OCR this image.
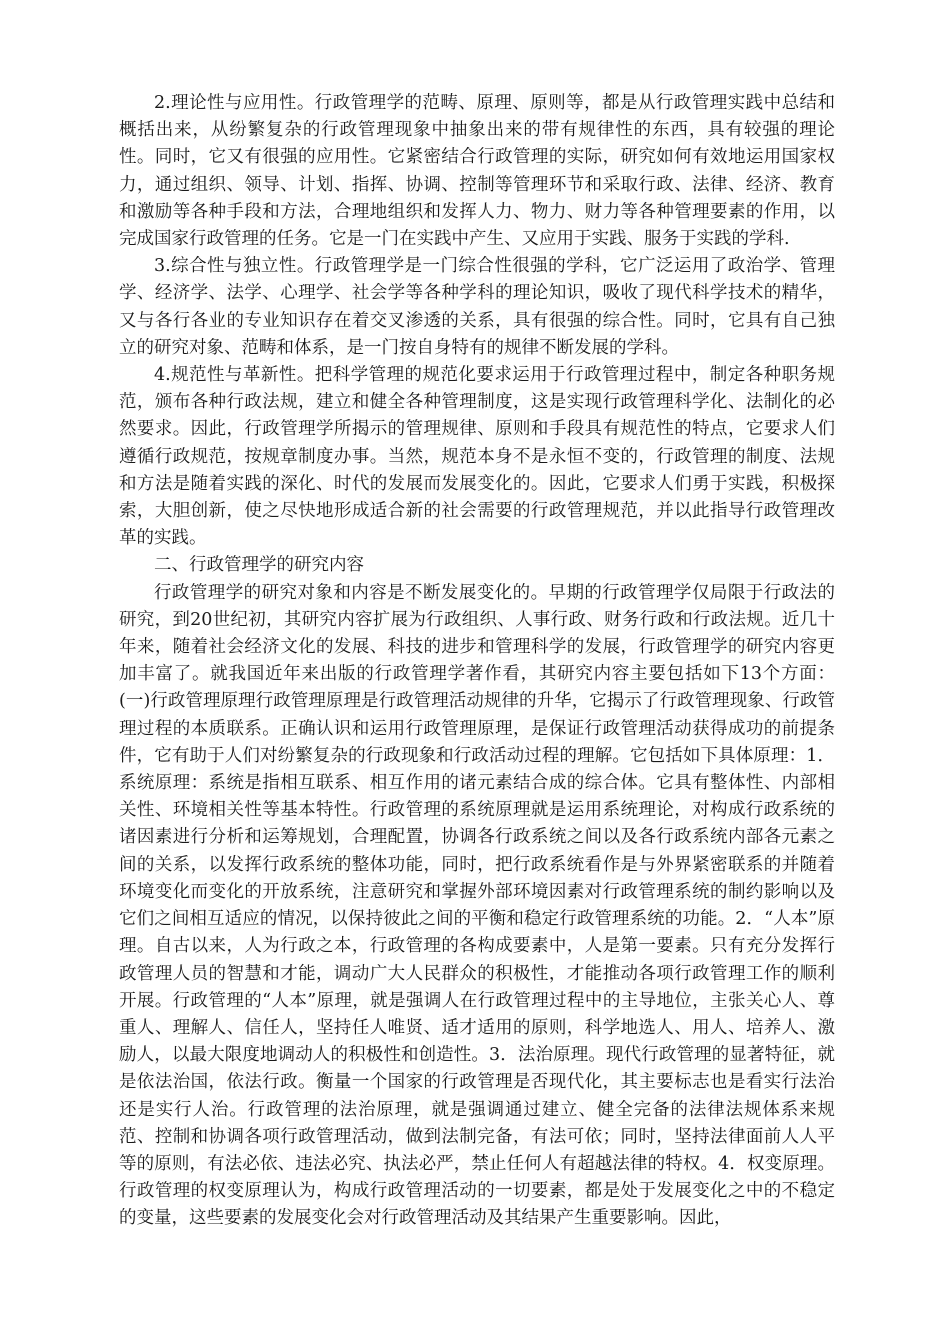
2.理论性与应用性。行政管理学的范畴、原理、原则等，都是从行政管理实践中总结和概括出来，从纷繁复杂的行政管理现象中抽象出来的带有规律性的东西，具有较强的理论性。同时，它又有很强的应用性。它紧密结合行政管理的实际，研究如何有效地运用国家权力，通过组织、领导、计划、指挥、协调、控制等管理环节和采取行政、法律、经济、教育和激励等各种手段和方法，合理地组织和发挥人力、物力、财力等各种管理要素的作用，以完成国家行政管理的任务。它是一门在实践中产生、又应用于实践、服务于实践的学科.

3.综合性与独立性。行政管理学是一门综合性很强的学科，它广泛运用了政治学、管理学、经济学、法学、心理学、社会学等各种学科的理论知识，吸收了现代科学技术的精华，又与各行各业的专业知识存在着交叉渗透的关系，具有很强的综合性。同时，它具有自己独立的研究对象、范畴和体系，是一门按自身特有的规律不断发展的学科。

4.规范性与革新性。把科学管理的规范化要求运用于行政管理过程中，制定各种职务规范，颁布各种行政法规，建立和健全各种管理制度，这是实现行政管理科学化、法制化的必然要求。因此，行政管理学所揭示的管理规律、原则和手段具有规范性的特点，它要求人们遵循行政规范，按规章制度办事。当然，规范本身不是永恒不变的，行政管理的制度、法规和方法是随着实践的深化、时代的发展而发展变化的。因此，它要求人们勇于实践，积极探索，大胆创新，使之尽快地形成适合新的社会需要的行政管理规范，并以此指导行政管理改革的实践。

二、行政管理学的研究内容

行政管理学的研究对象和内容是不断发展变化的。早期的行政管理学仅局限于行政法的研究，到20世纪初，其研究内容扩展为行政组织、人事行政、财务行政和行政法规。近几十年来，随着社会经济文化的发展、科技的进步和管理科学的发展，行政管理学的研究内容更加丰富了。就我国近年来出版的行政管理学著作看，其研究内容主要包括如下13个方面：(一)行政管理原理行政管理原理是行政管理活动规律的升华，它揭示了行政管理现象、行政管理过程的本质联系。正确认识和运用行政管理原理，是保证行政管理活动获得成功的前提条件，它有助于人们对纷繁复杂的行政现象和行政活动过程的理解。它包括如下具体原理：1．系统原理：系统是指相互联系、相互作用的诸元素结合成的综合体。它具有整体性、内部相关性、环境相关性等基本特性。行政管理的系统原理就是运用系统理论，对构成行政系统的诸因素进行分析和运筹规划，合理配置，协调各行政系统之间以及各行政系统内部各元素之间的关系，以发挥行政系统的整体功能，同时，把行政系统看作是与外界紧密联系的并随着环境变化而变化的开放系统，注意研究和掌握外部环境因素对行政管理系统的制约影响以及它们之间相互适应的情况，以保持彼此之间的平衡和稳定行政管理系统的功能。2．“人本”原理。自古以来，人为行政之本，行政管理的各构成要素中，人是第一要素。只有充分发挥行政管理人员的智慧和才能，调动广大人民群众的积极性，才能推动各项行政管理工作的顺利开展。行政管理的“人本”原理，就是强调人在行政管理过程中的主导地位，主张关心人、尊重人、理解人、信任人，坚持任人唯贤、适才适用的原则，科学地选人、用人、培养人、激励人，以最大限度地调动人的积极性和创造性。3．法治原理。现代行政管理的显著特征，就是依法治国，依法行政。衡量一个国家的行政管理是否现代化，其主要标志也是看实行法治还是实行人治。行政管理的法治原理，就是强调通过建立、健全完备的法律法规体系来规范、控制和协调各项行政管理活动，做到法制完备，有法可依；同时，坚持法律面前人人平等的原则，有法必依、违法必究、执法必严，禁止任何人有超越法律的特权。4．权变原理。行政管理的权变原理认为，构成行政管理活动的一切要素，都是处于发展变化之中的不稳定的变量，这些要素的发展变化会对行政管理活动及其结果产生重要影响。因此，
